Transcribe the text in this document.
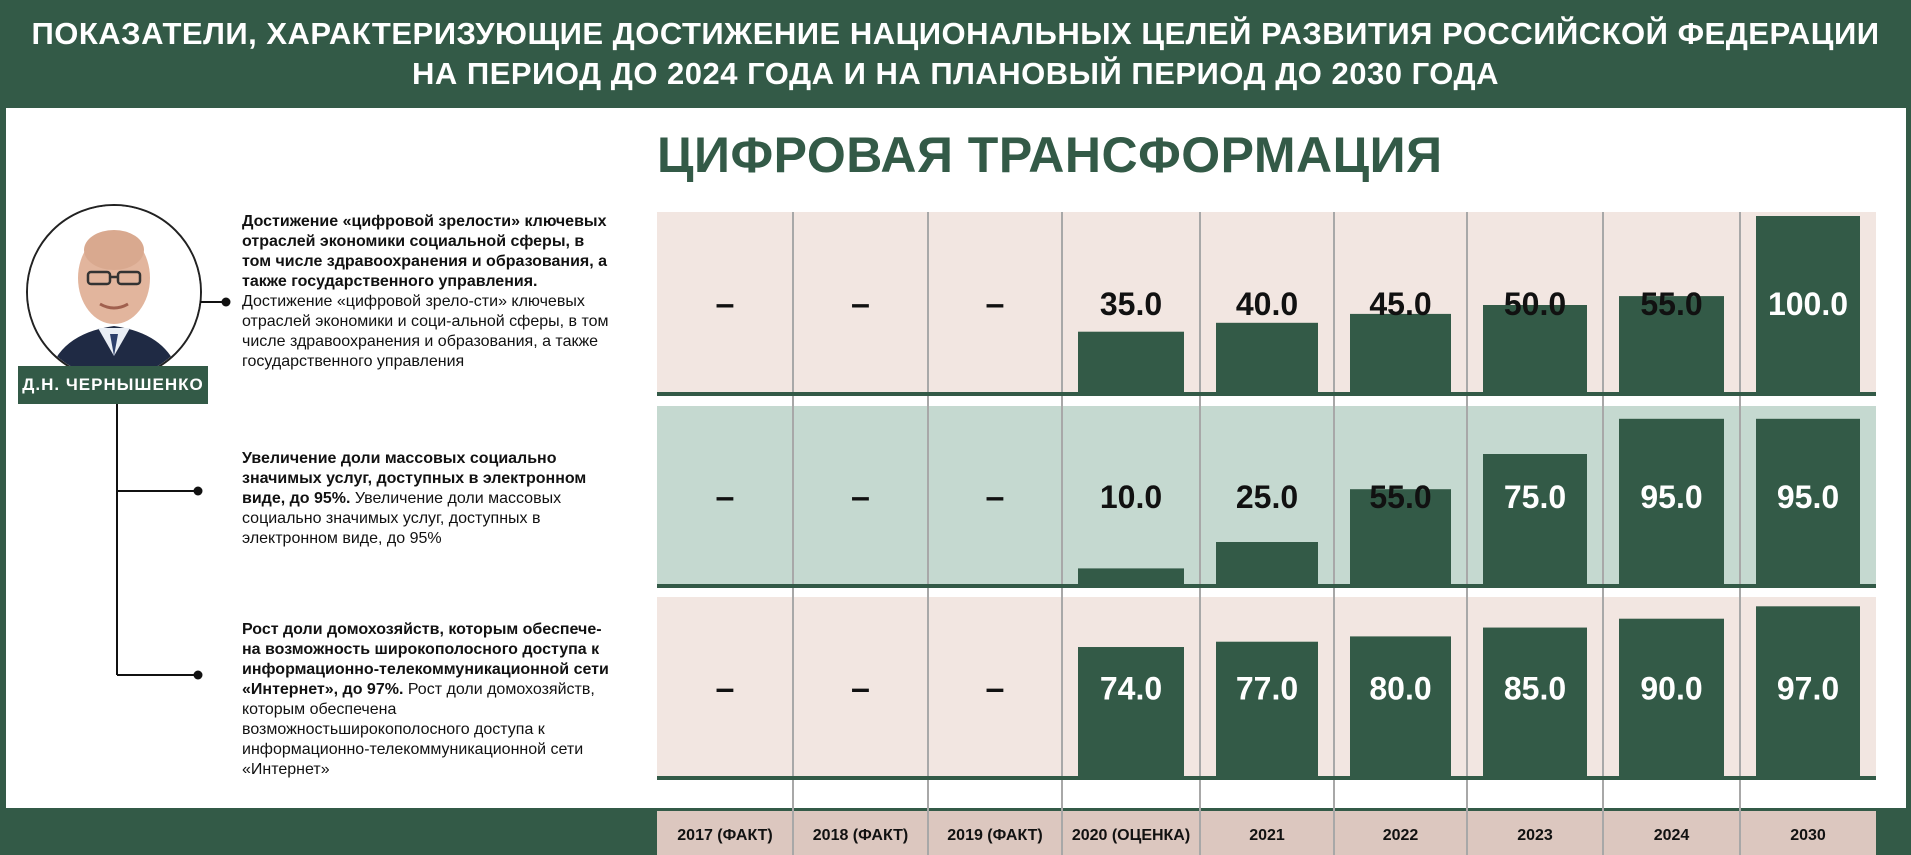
ПОКАЗАТЕЛИ, ХАРАКТЕРИЗУЮЩИЕ ДОСТИЖЕНИЕ НАЦИОНАЛЬНЫХ ЦЕЛЕЙ РАЗВИТИЯ РОССИЙСКОЙ ФЕДЕРАЦИИ
НА ПЕРИОД ДО 2024 ГОДА И НА ПЛАНОВЫЙ ПЕРИОД ДО 2030 ГОДА
ЦИФРОВАЯ ТРАНСФОРМАЦИЯ
Д.Н. ЧЕРНЫШЕНКО
Достижение «цифровой зрелости» ключевых отраслей экономики социальной сферы, в том числе здравоохранения и образования, а также государственного управления. Достижение «цифровой зрело-сти» ключевых отраслей экономики и соци-альной сферы, в том числе здравоохранения и образования, а также государственного управления
Увеличение доли массовых социально значимых услуг, доступных в электронном виде, до 95%. Увеличение доли массовых социально значимых услуг, доступных в электронном виде, до 95%
Рост доли домохозяйств, которым обеспече-на возможность широкополосного доступа к информационно-телекоммуникационной сети «Интернет», до 97%. Рост доли домохозяйств, которым обеспечена возможностьширокополосного доступа к информационно-телекоммуникационной сети «Интернет»
–	–	–	35.0 40.0 45.0 50.0 55.0 100.0
–	–	–	10.0 25.0 55.0 75.0 95.0 95.0
–	–	–	74.0 77.0 80.0 85.0 90.0 97.0
2017 (ФАКТ)	2018 (ФАКТ) 2019 (ФАКТ) 2020 (ОЦЕНКА)	2021	2022	2023	2024	2030
